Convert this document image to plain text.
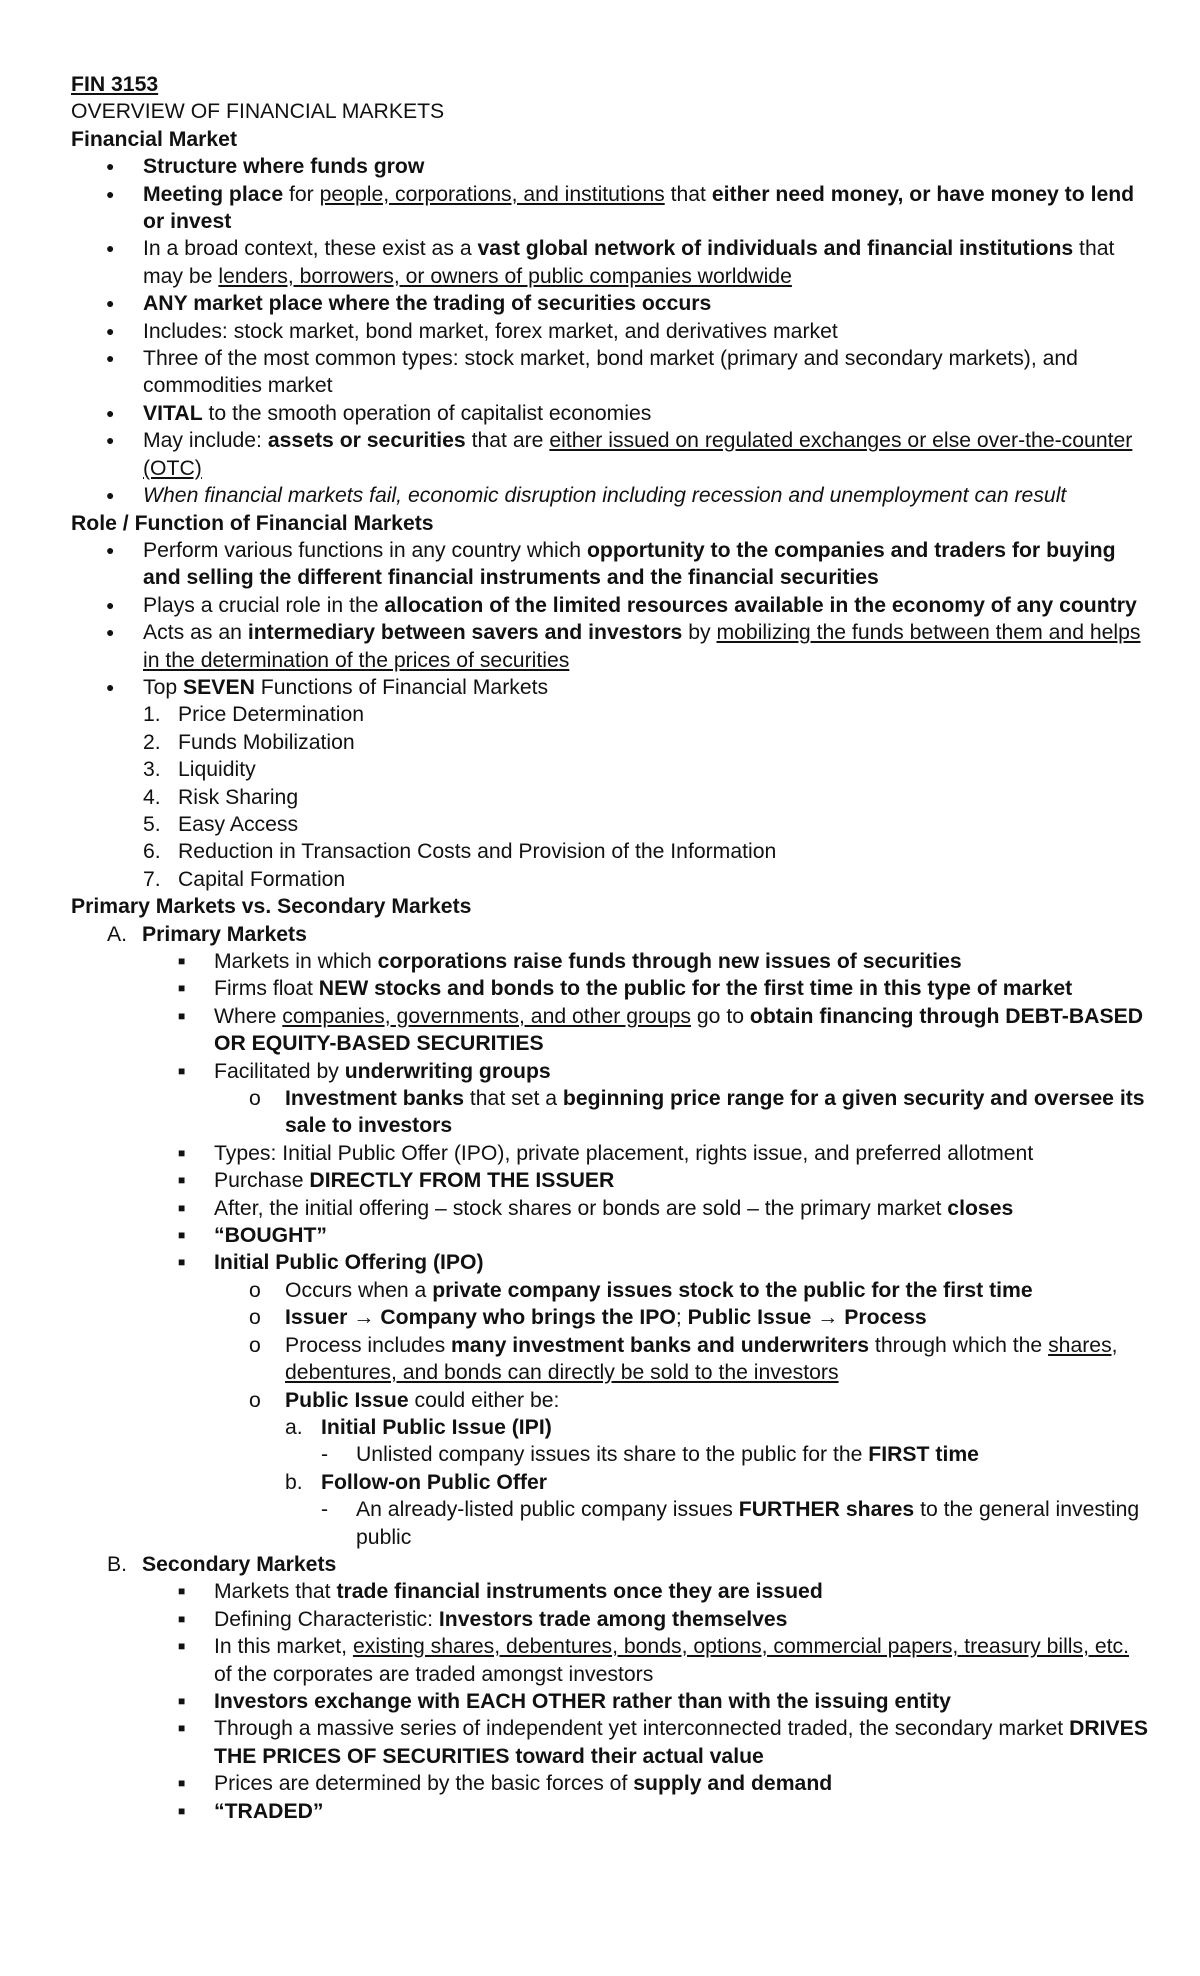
FIN 3153

OVERVIEW OF FINANCIAL MARKETS

Financial Market

● Structure where funds grow
● Meeting place for people, corporations, and institutions that either need money, or have money to lend or invest
● In a broad context, these exist as a vast global network of individuals and financial institutions that may be lenders, borrowers, or owners of public companies worldwide
● ANY market place where the trading of securities occurs
● Includes: stock market, bond market, forex market, and derivatives market
● Three of the most common types: stock market, bond market (primary and secondary markets), and commodities market
● VITAL to the smooth operation of capitalist economies
● May include: assets or securities that are either issued on regulated exchanges or else over-the-counter (OTC)
● When financial markets fail, economic disruption including recession and unemployment can result

Role / Function of Financial Markets

● Perform various functions in any country which opportunity to the companies and traders for buying and selling the different financial instruments and the financial securities
● Plays a crucial role in the allocation of the limited resources available in the economy of any country
● Acts as an intermediary between savers and investors by mobilizing the funds between them and helps in the determination of the prices of securities
● Top SEVEN Functions of Financial Markets
1. Price Determination
2. Funds Mobilization
3. Liquidity
4. Risk Sharing
5. Easy Access
6. Reduction in Transaction Costs and Provision of the Information
7. Capital Formation

Primary Markets vs. Secondary Markets

A. Primary Markets
■ Markets in which corporations raise funds through new issues of securities
■ Firms float NEW stocks and bonds to the public for the first time in this type of market
■ Where companies, governments, and other groups go to obtain financing through DEBT-BASED OR EQUITY-BASED SECURITIES
■ Facilitated by underwriting groups
o Investment banks that set a beginning price range for a given security and oversee its sale to investors
■ Types: Initial Public Offer (IPO), private placement, rights issue, and preferred allotment
■ Purchase DIRECTLY FROM THE ISSUER
■ After, the initial offering – stock shares or bonds are sold – the primary market closes
■ “BOUGHT”
■ Initial Public Offering (IPO)
o Occurs when a private company issues stock to the public for the first time
o Issuer → Company who brings the IPO; Public Issue → Process
o Process includes many investment banks and underwriters through which the shares, debentures, and bonds can directly be sold to the investors
o Public Issue could either be:
a. Initial Public Issue (IPI)
- Unlisted company issues its share to the public for the FIRST time
b. Follow-on Public Offer
- An already-listed public company issues FURTHER shares to the general investing public
B. Secondary Markets
■ Markets that trade financial instruments once they are issued
■ Defining Characteristic: Investors trade among themselves
■ In this market, existing shares, debentures, bonds, options, commercial papers, treasury bills, etc. of the corporates are traded amongst investors
■ Investors exchange with EACH OTHER rather than with the issuing entity
■ Through a massive series of independent yet interconnected traded, the secondary market DRIVES THE PRICES OF SECURITIES toward their actual value
■ Prices are determined by the basic forces of supply and demand
■ “TRADED”
